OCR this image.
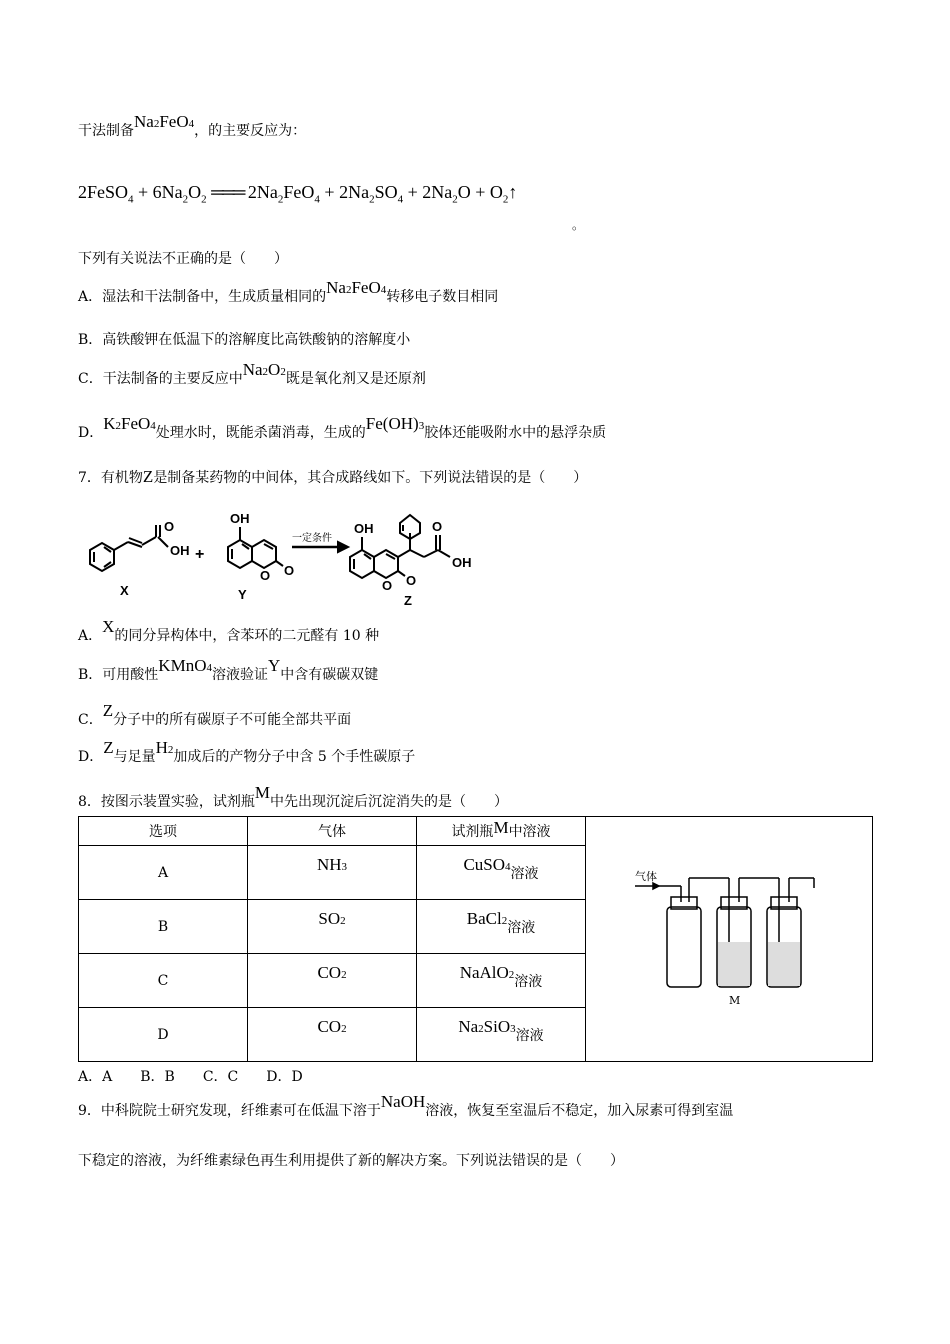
干法制备Na2FeO4，的主要反应为：
2FeSO$_4$ + $6Na_2O_2$ ═══ $2Na_2FeO_4 + 2Na_2SO_4 + 2Na_2O$ + $O_2↑$
。
下列有关说法不正确的是（　　）
A．湿法和干法制备中，生成质量相同的Na2FeO4转移电子数目相同
B．高铁酸钾在低温下的溶解度比高铁酸钠的溶解度小
C．干法制备的主要反应中Na2O2既是氧化剂又是还原剂
D．K2FeO4处理水时，既能杀菌消毒，生成的Fe(OH)3胶体还能吸附水中的悬浮杂质
7．有机物Z是制备某药物的中间体，其合成路线如下。下列说法错误的是（　　）
O
OH +
OH
O O
一定条件
OH
O O
O
OH
X	Y	Z
A．X的同分异构体中，含苯环的二元醛有 10 种
B．可用酸性KMnO4溶液验证Y中含有碳碳双键
C．Z分子中的所有碳原子不可能全部共平面
D．Z与足量H2加成后的产物分子中含 5 个手性碳原子
8．按图示装置实验，试剂瓶M中先出现沉淀后沉淀消失的是（　　）
选项	气体	试剂瓶M中溶液	气体
M

A	NH3	CuSO4溶液	
B	SO2	BaCl2溶液	
C	CO2	NaAlO2溶液	
D	CO2	Na2SiO3溶液	
A．A B．B C．C D．D
9．中科院院士研究发现，纤维素可在低温下溶于NaOH溶液，恢复至室温后不稳定，加入尿素可得到室温
下稳定的溶液，为纤维素绿色再生利用提供了新的解决方案。下列说法错误的是（　　）
